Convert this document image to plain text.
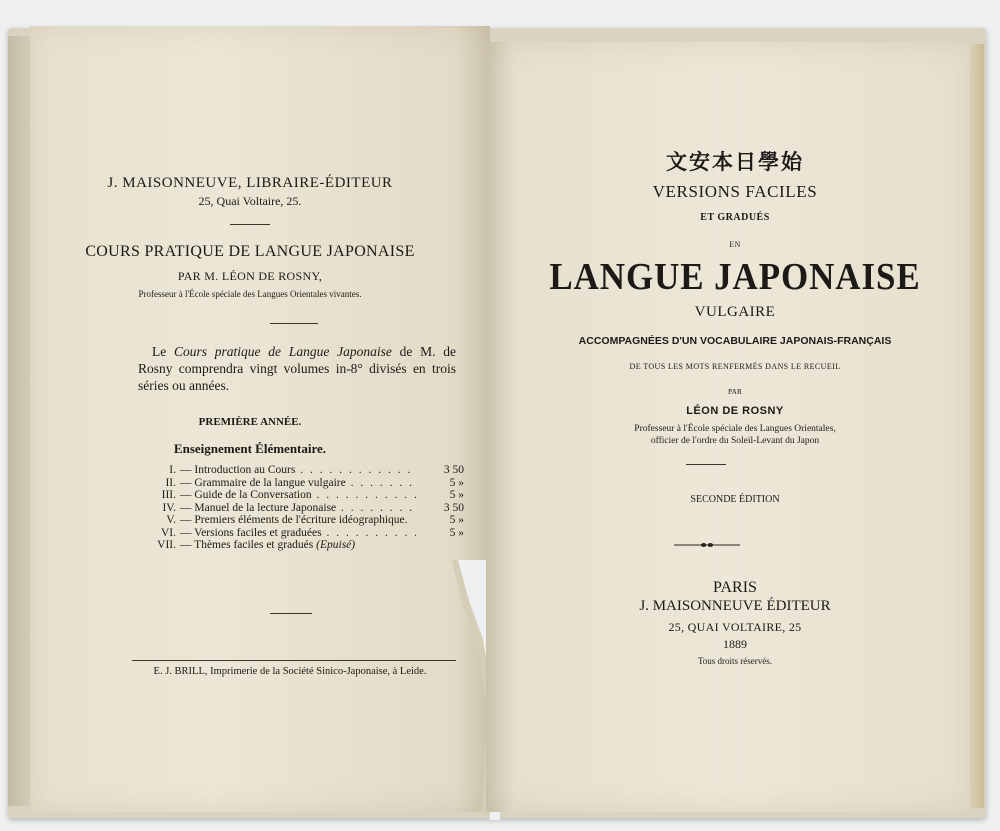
J. MAISONNEUVE, LIBRAIRE-ÉDITEUR
25, Quai Voltaire, 25.
COURS PRATIQUE DE LANGUE JAPONAISE
PAR M. LÉON DE ROSNY,
Professeur à l'École spéciale des Langues Orientales vivantes.
Le Cours pratique de Langue Japonaise de M. de Rosny comprendra vingt volumes in-8° divisés en trois séries ou années.
PREMIÈRE ANNÉE.
Enseignement Élémentaire.
I. — Introduction au Cours . . .	3 50
II. — Grammaire de la langue vulgaire . . .	5 »
III. — Guide de la Conversation . . .	5 »
IV. — Manuel de la lecture Japonaise . . .	3 50
V. — Premiers éléments de l'écriture idéographique.	5 »
VI. — Versions faciles et graduées . . .	5 »
VII. — Thèmes faciles et gradués (Epuisé)
E. J. BRILL, Imprimerie de la Société Sinico-Japonaise, à Leide.
文安本日學始
VERSIONS FACILES
ET GRADUÉS
EN
LANGUE JAPONAISE
VULGAIRE
ACCOMPAGNÉES D'UN VOCABULAIRE JAPONAIS-FRANÇAIS
DE TOUS LES MOTS RENFERMÉS DANS LE RECUEIL
PAR
LÉON DE ROSNY
Professeur à l'École spéciale des Langues Orientales,
officier de l'ordre du Soleil-Levant du Japon
SECONDE ÉDITION
PARIS
J. MAISONNEUVE ÉDITEUR
25, QUAI VOLTAIRE, 25
1889
Tous droits réservés.
